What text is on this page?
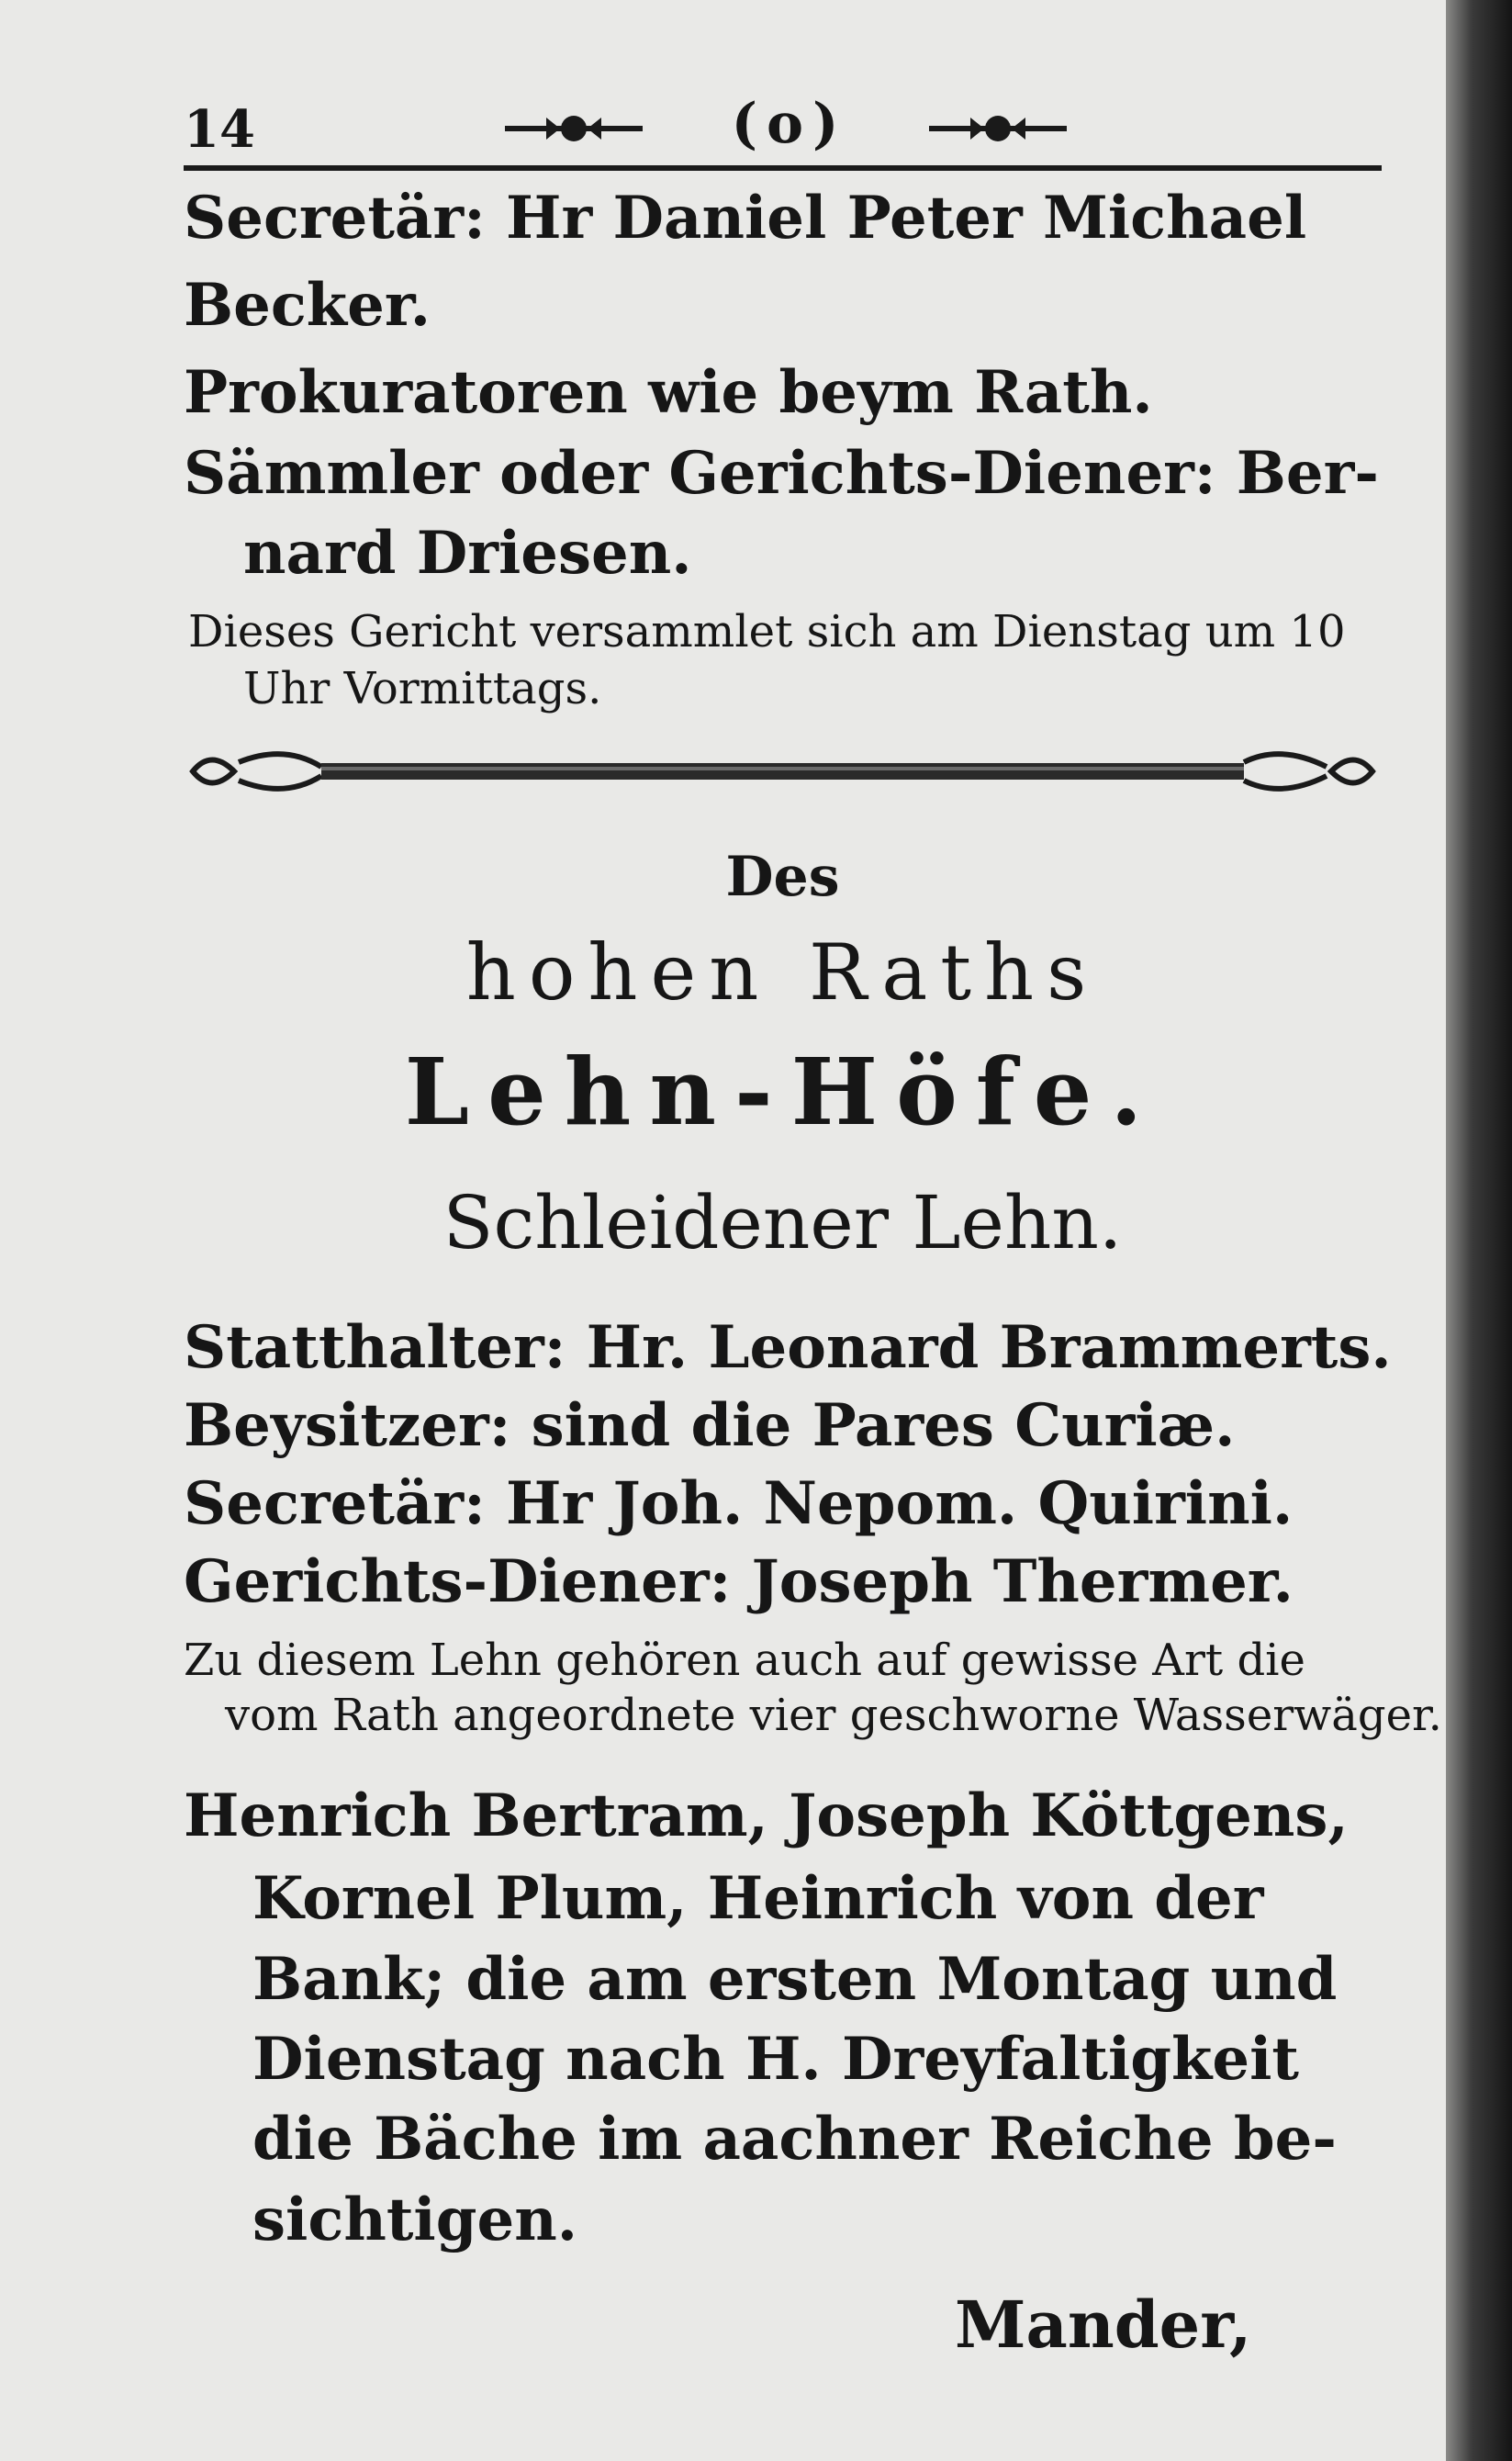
14	(o)
Secretär: Hr Daniel Peter Michael
Becker.
Prokuratoren wie beym Rath.
Sämmler oder Gerichts-Diener: Ber-
nard Driesen.
Dieses Gericht versammlet sich am Dienstag um 10
Uhr Vormittags.
Des
hohen Raths
Lehn-Höfe.
Schleidener Lehn.
Statthalter: Hr. Leonard Brammerts.
Beysitzer: sind die Pares Curiæ.
Secretär: Hr Joh. Nepom. Quirini.
Gerichts-Diener: Joseph Thermer.
Zu diesem Lehn gehören auch auf gewisse Art die
vom Rath angeordnete vier geschworne Wasserwäger.
Henrich Bertram, Joseph Köttgens,
Kornel Plum, Heinrich von der
Bank; die am ersten Montag und
Dienstag nach H. Dreyfaltigkeit
die Bäche im aachner Reiche be-
sichtigen.
Mander,
